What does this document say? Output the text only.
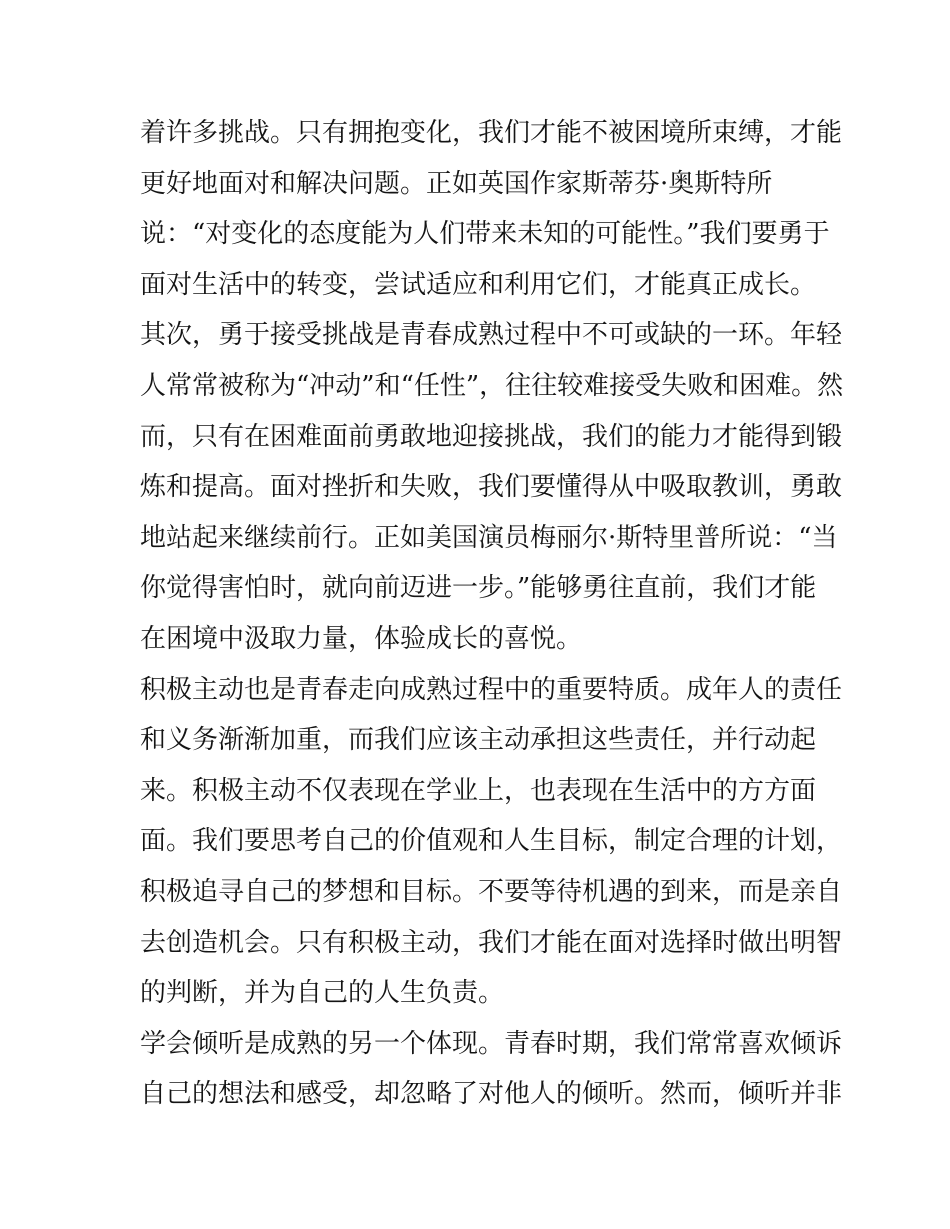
着许多挑战。只有拥抱变化，我们才能不被困境所束缚，才能
更好地面对和解决问题。正如英国作家斯蒂芬·奥斯特所
说：“对变化的态度能为人们带来未知的可能性。”我们要勇于
面对生活中的转变，尝试适应和利用它们，才能真正成长。
其次，勇于接受挑战是青春成熟过程中不可或缺的一环。年轻
人常常被称为“冲动”和“任性”，往往较难接受失败和困难。然
而，只有在困难面前勇敢地迎接挑战，我们的能力才能得到锻
炼和提高。面对挫折和失败，我们要懂得从中吸取教训，勇敢
地站起来继续前行。正如美国演员梅丽尔·斯特里普所说：“当
你觉得害怕时，就向前迈进一步。”能够勇往直前，我们才能
在困境中汲取力量，体验成长的喜悦。
积极主动也是青春走向成熟过程中的重要特质。成年人的责任
和义务渐渐加重，而我们应该主动承担这些责任，并行动起
来。积极主动不仅表现在学业上，也表现在生活中的方方面
面。我们要思考自己的价值观和人生目标，制定合理的计划，
积极追寻自己的梦想和目标。不要等待机遇的到来，而是亲自
去创造机会。只有积极主动，我们才能在面对选择时做出明智
的判断，并为自己的人生负责。
学会倾听是成熟的另一个体现。青春时期，我们常常喜欢倾诉
自己的想法和感受，却忽略了对他人的倾听。然而，倾听并非
